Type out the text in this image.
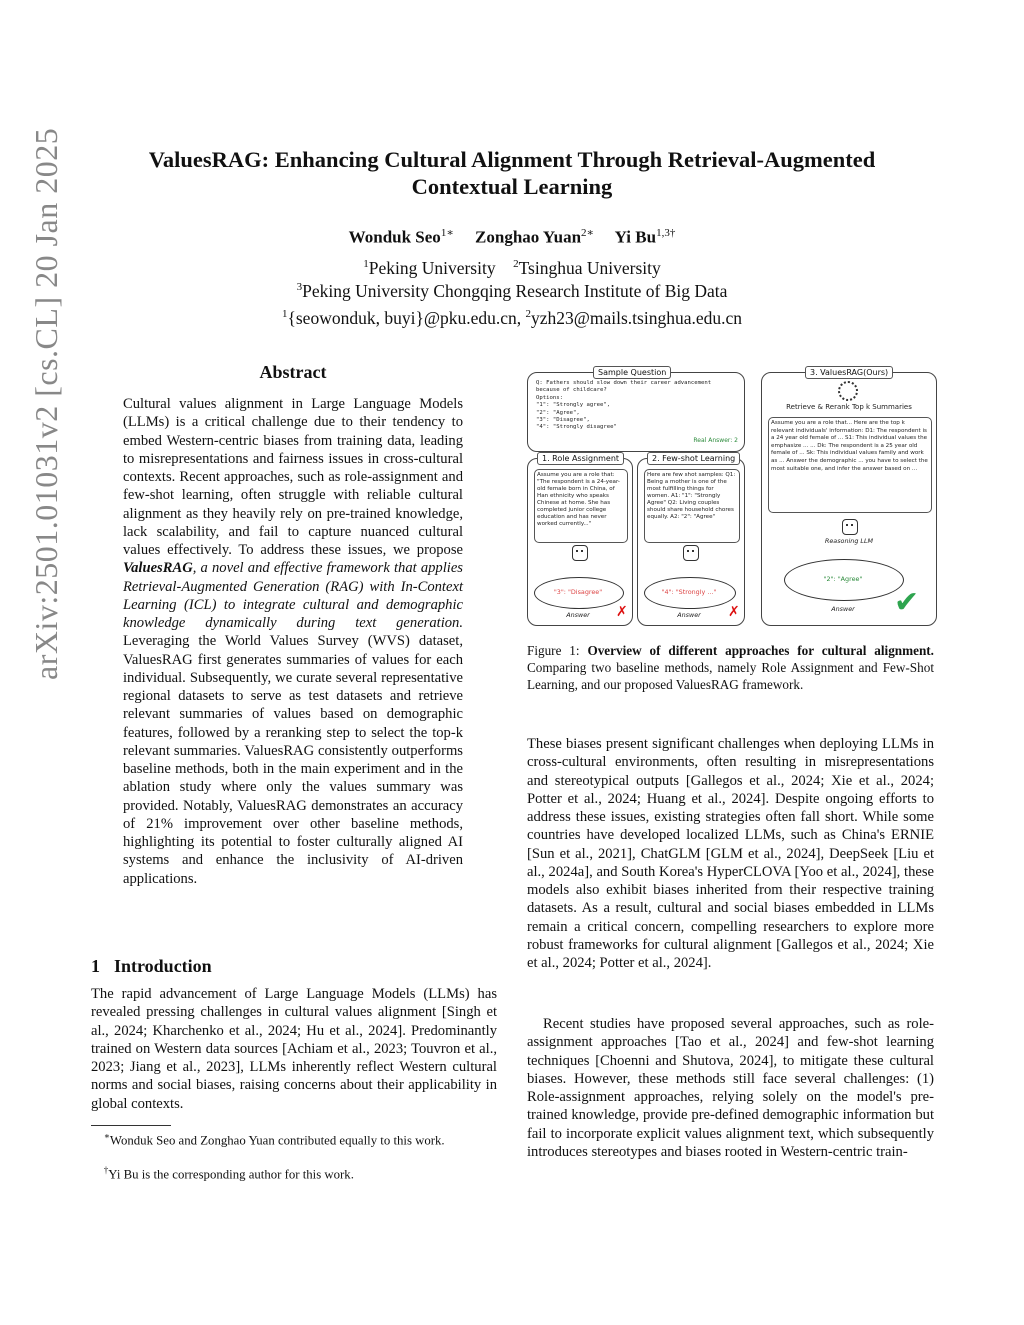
arXiv:2501.01031v2 [cs.CL] 20 Jan 2025	ValuesRAG: Enhancing Cultural Alignment Through Retrieval-Augmented
Contextual Learning
Wonduk Seo$^{1∗}$ Zonghao Yuan$^{2∗}$ Yi $Bu^{1,3\dagger}$
$^1$Peking University $^2$Tsinghua University
$^3$Peking University Chongqing Research Institute of Big Data
$^1${seowonduk, buyi}@pku.edu.cn, $^2$yzh23@mails.tsinghua.edu.cn
Abstract
Cultural values alignment in Large Language Models (LLMs) is a critical challenge due to their tendency to embed Western-centric biases from training data, leading to misrepresentations and fairness issues in cross-cultural contexts. Recent approaches, such as role-assignment and few-shot learning, often struggle with reliable cultural alignment as they heavily rely on pre-trained knowledge, lack scalability, and fail to capture nuanced cultural values effectively. To address these issues, we propose ValuesRAG, a novel and effective framework that applies Retrieval-Augmented Generation (RAG) with In-Context Learning (ICL) to integrate cultural and demographic knowledge dynamically during text generation. Leveraging the World Values Survey (WVS) dataset, ValuesRAG first generates summaries of values for each individual. Subsequently, we curate several representative regional datasets to serve as test datasets and retrieve relevant summaries of values based on demographic features, followed by a reranking step to select the top-k relevant summaries. ValuesRAG consistently outperforms baseline methods, both in the main experiment and in the ablation study where only the values summary was provided. Notably, ValuesRAG demonstrates an accuracy of 21% improvement over other baseline methods, highlighting its potential to foster culturally aligned AI systems and enhance the inclusivity of AI-driven applications.
1 Introduction
The rapid advancement of Large Language Models (LLMs) has revealed pressing challenges in cultural values alignment [Singh et al., 2024; Kharchenko et al., 2024; Hu et al., 2024]. Predominantly trained on Western data sources [Achiam et al., 2023; Touvron et al., 2023; Jiang et al., 2023], LLMs inherently reflect Western cultural norms and social biases, raising concerns about their applicability in global contexts.
∗Wonduk Seo and Zonghao Yuan contributed equally to this work.
†Yi Bu is the corresponding author for this work.
Q: Fathers should slow down their career advancement
because of childcare?
Options:
"1": "Strongly agree",
"2": "Agree",
"3": "Disagree",
"4": "Strongly disagree"
Real Answer: 2
Sample Question
Assume you are a role that: "The respondent is a 24-year-old female born in China, of Han ethnicity who speaks Chinese at home. She has completed junior college education and has never worked currently..."
"3": "Disagree"
Answer	✗
1. Role Assignment
Here are few shot samples: Q1: Being a mother is one of the most fulfilling things for women. A1: "1": "Strongly Agree" Q2: Living couples should share household chores equally. A2: "2": "Agree"
"4": "Strongly ..."
Answer	✗
2. Few-shot Learning
Retrieve & Rerank Top k Summaries
Assume you are a role that... Here are the top k relevant individuals' information: D1: The respondent is a 24 year old female of ... S1: This individual values the emphasize ... ... Dk: The respondent is a 25 year old female of ... Sk: This individual values family and work as ... Answer the demographic ... you have to select the most suitable one, and infer the answer based on ...
Reasoning LLM
"2": "Agree"
Answer	✔
3. ValuesRAG(Ours)
Figure 1: Overview of different approaches for cultural alignment. Comparing two baseline methods, namely Role Assignment and Few-Shot Learning, and our proposed ValuesRAG framework.
These biases present significant challenges when deploying LLMs in cross-cultural environments, often resulting in misrepresentations and stereotypical outputs [Gallegos et al., 2024; Xie et al., 2024; Potter et al., 2024; Huang et al., 2024]. Despite ongoing efforts to address these issues, existing strategies often fall short. While some countries have developed localized LLMs, such as China's ERNIE [Sun et al., 2021], ChatGLM [GLM et al., 2024], DeepSeek [Liu et al., 2024a], and South Korea's HyperCLOVA [Yoo et al., 2024], these models also exhibit biases inherited from their respective training datasets. As a result, cultural and social biases embedded in LLMs remain a critical concern, compelling researchers to explore more robust frameworks for cultural alignment [Gallegos et al., 2024; Xie et al., 2024; Potter et al., 2024].
Recent studies have proposed several approaches, such as role-assignment approaches [Tao et al., 2024] and few-shot learning techniques [Choenni and Shutova, 2024], to mitigate these cultural biases. However, these methods still face several challenges: (1) Role-assignment approaches, relying solely on the model's pre-trained knowledge, provide pre-defined demographic information but fail to incorporate explicit values alignment text, which subsequently introduces stereotypes and biases rooted in Western-centric train-
